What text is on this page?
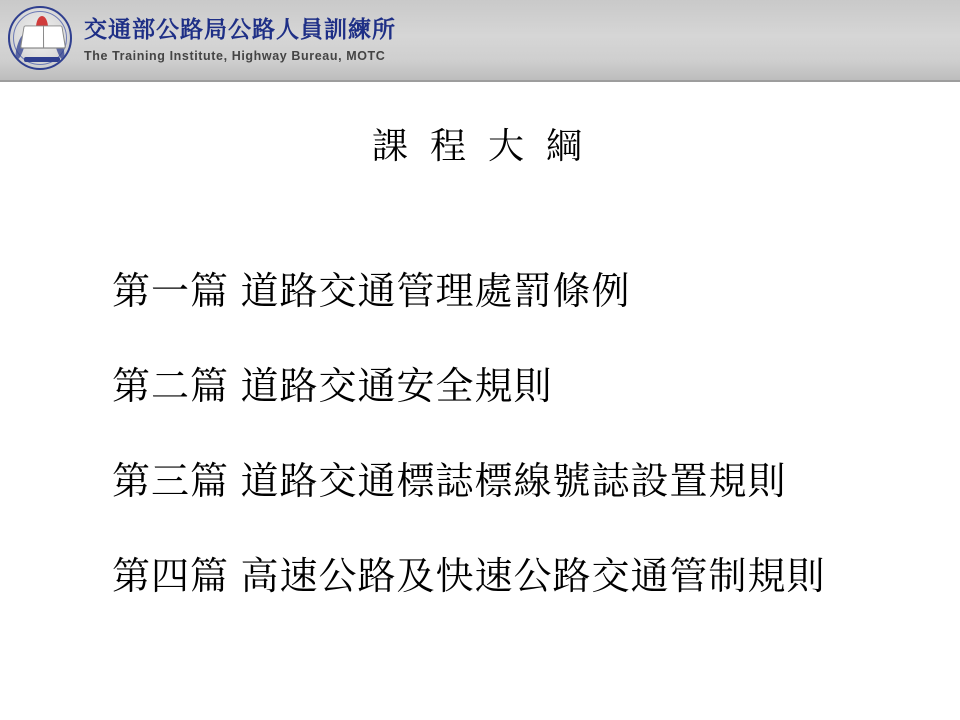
交通部公路局公路人員訓練所
The Training Institute, Highway Bureau, MOTC
課 程 大 綱
第一篇 道路交通管理處罰條例
第二篇 道路交通安全規則
第三篇 道路交通標誌標線號誌設置規則
第四篇 高速公路及快速公路交通管制規則
